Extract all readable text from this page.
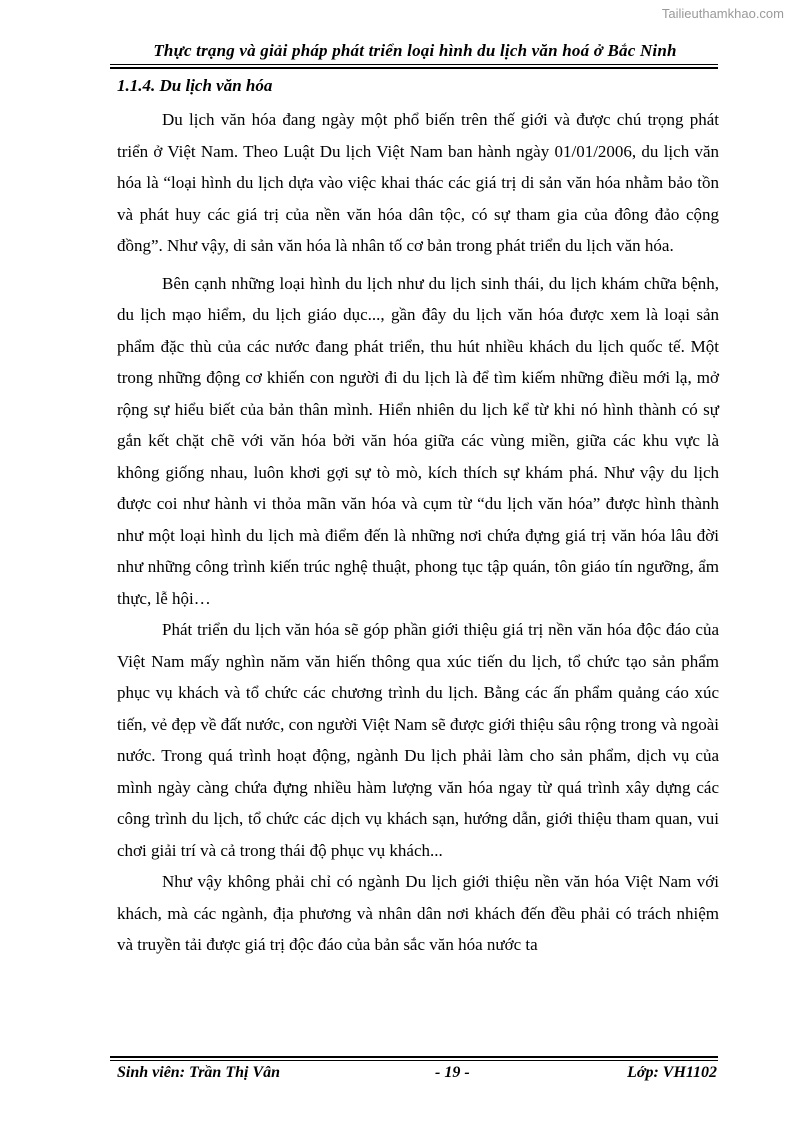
Tailieuthamkhao.com
Thực trạng và giải pháp phát triển loại hình du lịch văn hoá ở Bắc Ninh
1.1.4. Du lịch văn hóa

Du lịch văn hóa đang ngày một phổ biến trên thế giới và được chú trọng phát triển ở Việt Nam. Theo Luật Du lịch Việt Nam ban hành ngày 01/01/2006, du lịch văn hóa là “loại hình du lịch dựa vào việc khai thác các giá trị di sản văn hóa nhằm bảo tồn và phát huy các giá trị của nền văn hóa dân tộc, có sự tham gia của đông đảo cộng đồng”. Như vậy, di sản văn hóa là nhân tố cơ bản trong phát triển du lịch văn hóa.

Bên cạnh những loại hình du lịch như du lịch sinh thái, du lịch khám chữa bệnh, du lịch mạo hiểm, du lịch giáo dục..., gần đây du lịch văn hóa được xem là loại sản phẩm đặc thù của các nước đang phát triển, thu hút nhiều khách du lịch quốc tế. Một trong những động cơ khiến con người đi du lịch là để tìm kiếm những điều mới lạ, mở rộng sự hiểu biết của bản thân mình. Hiển nhiên du lịch kể từ khi nó hình thành có sự gắn kết chặt chẽ với văn hóa bởi văn hóa giữa các vùng miền, giữa các khu vực là không giống nhau, luôn khơi gợi sự tò mò, kích thích sự khám phá. Như vậy du lịch được coi như hành vi thỏa mãn văn hóa và cụm từ “du lịch văn hóa” được hình thành như một loại hình du lịch mà điểm đến là những nơi chứa đựng giá trị văn hóa lâu đời như những công trình kiến trúc nghệ thuật, phong tục tập quán, tôn giáo tín ngưỡng, ẩm thực, lễ hội…

Phát triển du lịch văn hóa sẽ góp phần giới thiệu giá trị nền văn hóa độc đáo của Việt Nam mấy nghìn năm văn hiến thông qua xúc tiến du lịch, tổ chức tạo sản phẩm phục vụ khách và tổ chức các chương trình du lịch. Bằng các ấn phẩm quảng cáo xúc tiến, vẻ đẹp về đất nước, con người Việt Nam sẽ được giới thiệu sâu rộng trong và ngoài nước. Trong quá trình hoạt động, ngành Du lịch phải làm cho sản phẩm, dịch vụ của mình ngày càng chứa đựng nhiều hàm lượng văn hóa ngay từ quá trình xây dựng các công trình du lịch, tổ chức các dịch vụ khách sạn, hướng dẫn, giới thiệu tham quan, vui chơi giải trí và cả trong thái độ phục vụ khách...

Như vậy không phải chỉ có ngành Du lịch giới thiệu nền văn hóa Việt Nam với khách, mà các ngành, địa phương và nhân dân nơi khách đến đều phải có trách nhiệm và truyền tải được giá trị độc đáo của bản sắc văn hóa nước ta

Sinh viên: Trần Thị Vân	- 19 -	Lớp: VH1102
